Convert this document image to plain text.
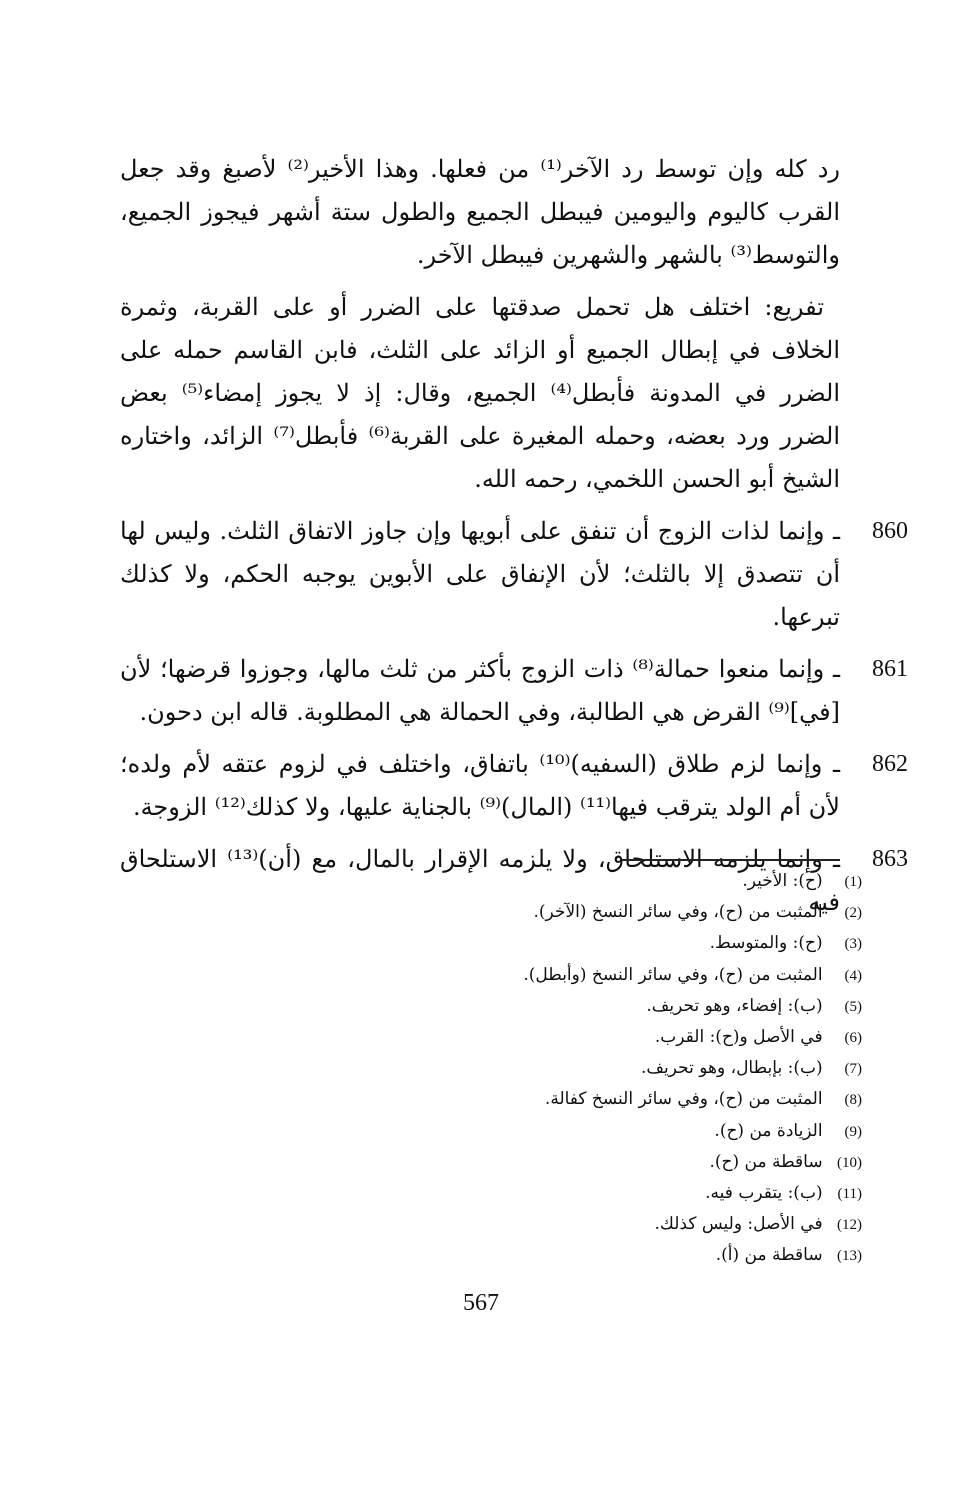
رد كله وإن توسط رد الآخر⁽¹⁾ من فعلها. وهذا الأخير⁽²⁾ لأصبغ وقد جعل القرب كاليوم واليومين فيبطل الجميع والطول ستة أشهر فيجوز الجميع، والتوسط⁽³⁾ بالشهر والشهرين فيبطل الآخر.

تفريع: اختلف هل تحمل صدقتها على الضرر أو على القربة، وثمرة الخلاف في إبطال الجميع أو الزائد على الثلث، فابن القاسم حمله على الضرر في المدونة فأبطل⁽⁴⁾ الجميع، وقال: إذ لا يجوز إمضاء⁽⁵⁾ بعض الضرر ورد بعضه، وحمله المغيرة على القربة⁽⁶⁾ فأبطل⁽⁷⁾ الزائد، واختاره الشيخ أبو الحسن اللخمي، رحمه الله.

860
ـ وإنما لذات الزوج أن تنفق على أبويها وإن جاوز الاتفاق الثلث. وليس لها أن تتصدق إلا بالثلث؛ لأن الإنفاق على الأبوين يوجبه الحكم، ولا كذلك تبرعها.

861
ـ وإنما منعوا حمالة⁽⁸⁾ ذات الزوج بأكثر من ثلث مالها، وجوزوا قرضها؛ لأن [في]⁽⁹⁾ القرض هي الطالبة، وفي الحمالة هي المطلوبة. قاله ابن دحون.

862
ـ وإنما لزم طلاق (السفيه)⁽¹⁰⁾ باتفاق، واختلف في لزوم عتقه لأم ولده؛ لأن أم الولد يترقب فيها⁽¹¹⁾ (المال)⁽⁹⁾ بالجناية عليها، ولا كذلك⁽¹²⁾ الزوجة.

863
ـ وإنما يلزمه الاستلحاق، ولا يلزمه الإقرار بالمال، مع (أن)⁽¹³⁾ الاستلحاق فيه

(1) (ح): الأخير.
(2) المثبت من (ح)، وفي سائر النسخ (الآخر).
(3) (ح): والمتوسط.
(4) المثبت من (ح)، وفي سائر النسخ (وأبطل).
(5) (ب): إفضاء، وهو تحريف.
(6) في الأصل و(ح): القرب.
(7) (ب): بإبطال، وهو تحريف.
(8) المثبت من (ح)، وفي سائر النسخ كفالة.
(9) الزيادة من (ح).
(10) ساقطة من (ح).
(11) (ب): يتقرب فيه.
(12) في الأصل: وليس كذلك.
(13) ساقطة من (أ).
567
